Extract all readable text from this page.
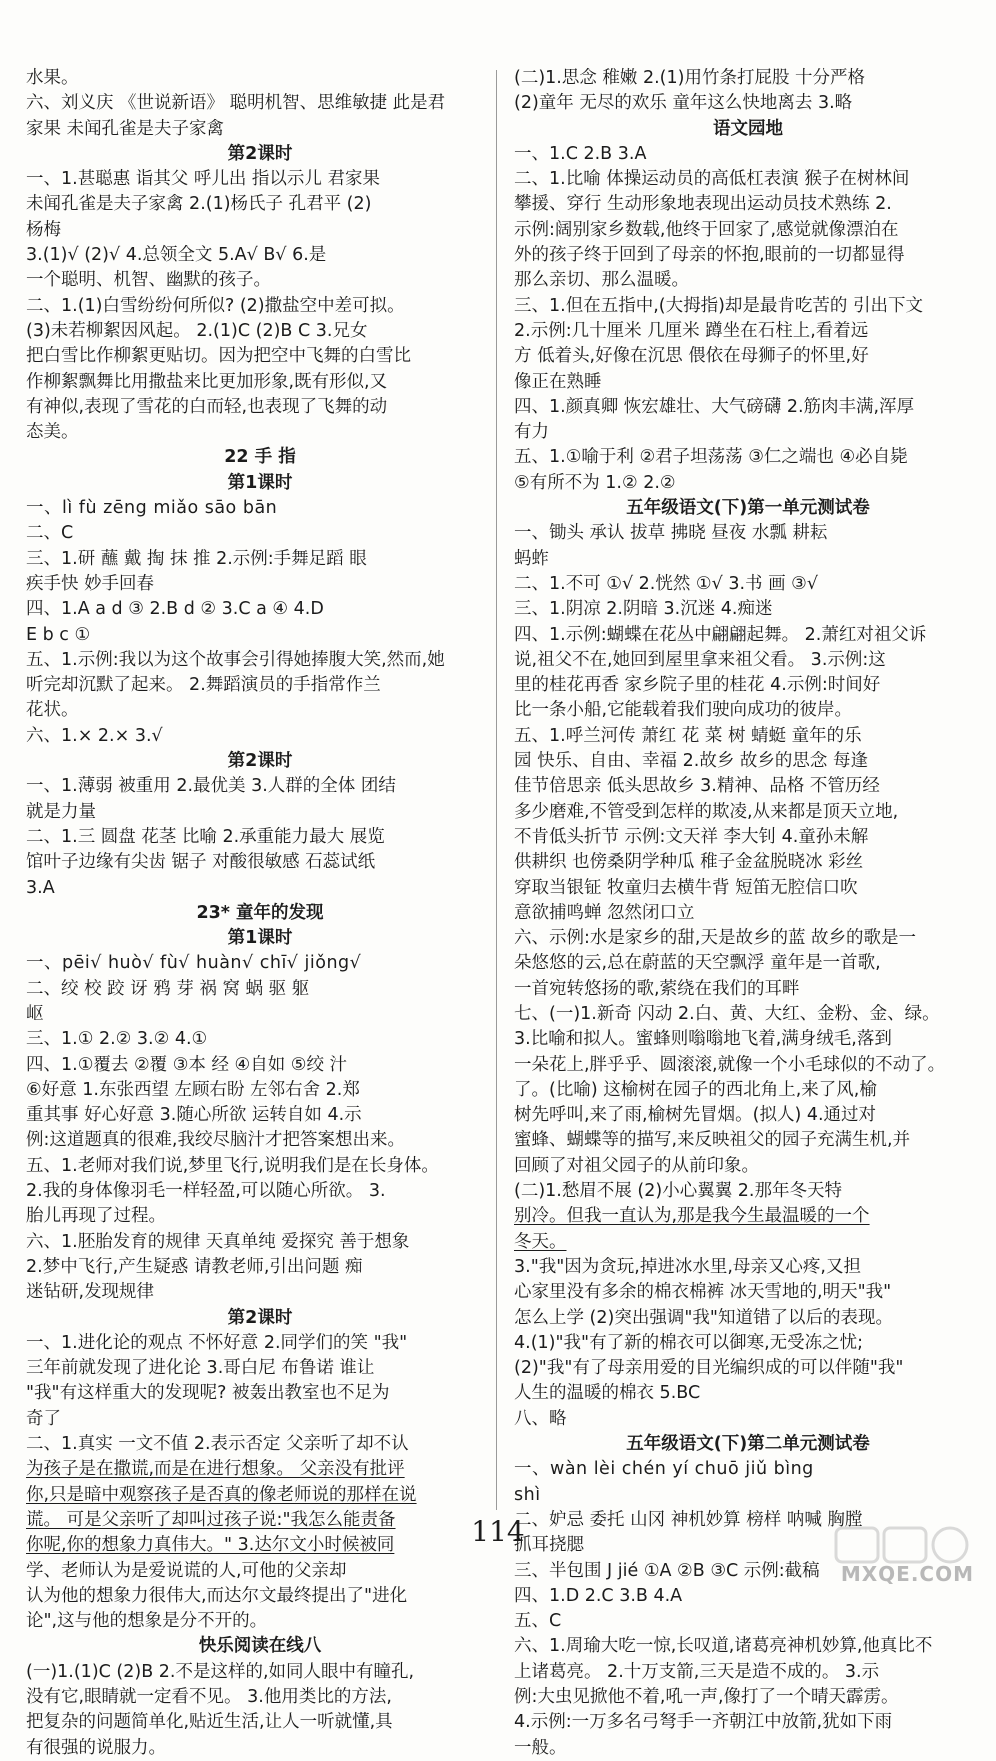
水果。
六、刘义庆 《世说新语》 聪明机智、思维敏捷 此是君
家果 未闻孔雀是夫子家禽
第2课时
一、1.甚聪惠 诣其父 呼儿出 指以示儿 君家果
未闻孔雀是夫子家禽 2.(1)杨氏子 孔君平 (2)
杨梅
3.(1)√ (2)√ 4.总领全文 5.A√ B√ 6.是
一个聪明、机智、幽默的孩子。
二、1.(1)白雪纷纷何所似? (2)撒盐空中差可拟。
(3)未若柳絮因风起。 2.(1)C (2)B C 3.兄女
把白雪比作柳絮更贴切。因为把空中飞舞的白雪比
作柳絮飘舞比用撒盐来比更加形象,既有形似,又
有神似,表现了雪花的白而轻,也表现了飞舞的动
态美。
22 手 指
第1课时
一、lì fù zēng miǎo sāo bān
二、C
三、1.研 蘸 戴 掏 抹 推 2.示例:手舞足蹈 眼
疾手快 妙手回春
四、1.A a d ③ 2.B d ② 3.C a ④ 4.D
E b c ①
五、1.示例:我以为这个故事会引得她捧腹大笑,然而,她
听完却沉默了起来。 2.舞蹈演员的手指常作兰
花状。
六、1.× 2.× 3.√
第2课时
一、1.薄弱 被重用 2.最优美 3.人群的全体 团结
就是力量
二、1.三 圆盘 花茎 比喻 2.承重能力最大 展览
馆叶子边缘有尖齿 锯子 对酸很敏感 石蕊试纸
3.A
23* 童年的发现
第1课时
一、pēi√ huò√ fù√ huàn√ chī√ jiǒng√
二、绞 校 跤 讶 鸦 芽 祸 窝 蜗 驱 躯
岖
三、1.① 2.② 3.② 4.①
四、1.①覆去 ②覆 ③本 经 ④自如 ⑤绞 汁
⑥好意 1.东张西望 左顾右盼 左邻右舍 2.郑
重其事 好心好意 3.随心所欲 运转自如 4.示
例:这道题真的很难,我绞尽脑汁才把答案想出来。
五、1.老师对我们说,梦里飞行,说明我们是在长身体。
2.我的身体像羽毛一样轻盈,可以随心所欲。 3.
胎儿再现了过程。
六、1.胚胎发育的规律 天真单纯 爱探究 善于想象
2.梦中飞行,产生疑惑 请教老师,引出问题 痴
迷钻研,发现规律
第2课时
一、1.进化论的观点 不怀好意 2.同学们的笑 "我"
三年前就发现了进化论 3.哥白尼 布鲁诺 谁让
"我"有这样重大的发现呢? 被轰出教室也不足为
奇了
二、1.真实 一文不值 2.表示否定 父亲听了却不认
为孩子是在撒谎,而是在进行想象。 父亲没有批评
你,只是暗中观察孩子是否真的像老师说的那样在说
谎。 可是父亲听了却叫过孩子说:"我怎么能责备
你呢,你的想象力真伟大。" 3.达尔文小时候被同
学、老师认为是爱说谎的人,可他的父亲却
认为他的想象力很伟大,而达尔文最终提出了"进化
论",这与他的想象是分不开的。
快乐阅读在线八
(一)1.(1)C (2)B 2.不是这样的,如同人眼中有瞳孔,
没有它,眼睛就一定看不见。 3.他用类比的方法,
把复杂的问题简单化,贴近生活,让人一听就懂,具
有很强的说服力。
(二)1.思念 稚嫩 2.(1)用竹条打屁股 十分严格
(2)童年 无尽的欢乐 童年这么快地离去 3.略
语文园地
一、1.C 2.B 3.A
二、1.比喻 体操运动员的高低杠表演 猴子在树林间
攀援、穿行 生动形象地表现出运动员技术熟练 2.
示例:阔别家乡数载,他终于回家了,感觉就像漂泊在
外的孩子终于回到了母亲的怀抱,眼前的一切都显得
那么亲切、那么温暖。
三、1.但在五指中,(大拇指)却是最肯吃苦的 引出下文
2.示例:几十厘米 几厘米 蹲坐在石柱上,看着远
方 低着头,好像在沉思 偎依在母狮子的怀里,好
像正在熟睡
四、1.颜真卿 恢宏雄壮、大气磅礴 2.筋肉丰满,浑厚
有力
五、1.①喻于利 ②君子坦荡荡 ③仁之端也 ④必自毙
⑤有所不为 1.② 2.②
五年级语文(下)第一单元测试卷
一、锄头 承认 拔草 拂晓 昼夜 水瓢 耕耘
蚂蚱
二、1.不可 ①√ 2.恍然 ①√ 3.书 画 ③√
三、1.阴凉 2.阴暗 3.沉迷 4.痴迷
四、1.示例:蝴蝶在花丛中翩翩起舞。 2.萧红对祖父诉
说,祖父不在,她回到屋里拿来祖父看。 3.示例:这
里的桂花再香 家乡院子里的桂花 4.示例:时间好
比一条小船,它能载着我们驶向成功的彼岸。
五、1.呼兰河传 萧红 花 菜 树 蜻蜓 童年的乐
园 快乐、自由、幸福 2.故乡 故乡的思念 每逢
佳节倍思亲 低头思故乡 3.精神、品格 不管历经
多少磨难,不管受到怎样的欺凌,从来都是顶天立地,
不肯低头折节 示例:文天祥 李大钊 4.童孙未解
供耕织 也傍桑阴学种瓜 稚子金盆脱晓冰 彩丝
穿取当银钲 牧童归去横牛背 短笛无腔信口吹
意欲捕鸣蝉 忽然闭口立
六、示例:水是家乡的甜,天是故乡的蓝 故乡的歌是一
朵悠悠的云,总在蔚蓝的天空飘浮 童年是一首歌,
一首宛转悠扬的歌,萦绕在我们的耳畔
七、(一)1.新奇 闪动 2.白、黄、大红、金粉、金、绿。
3.比喻和拟人。蜜蜂则嗡嗡地飞着,满身绒毛,落到
一朵花上,胖乎乎、圆滚滚,就像一个小毛球似的不动了。
了。(比喻) 这榆树在园子的西北角上,来了风,榆
树先呼叫,来了雨,榆树先冒烟。(拟人) 4.通过对
蜜蜂、蝴蝶等的描写,来反映祖父的园子充满生机,并
回顾了对祖父园子的从前印象。
(二)1.愁眉不展 (2)小心翼翼 2.那年冬天特
别冷。但我一直认为,那是我今生最温暖的一个
冬天。
3."我"因为贪玩,掉进冰水里,母亲又心疼,又担
心家里没有多余的棉衣棉裤 冰天雪地的,明天"我"
怎么上学 (2)突出强调"我"知道错了以后的表现。
4.(1)"我"有了新的棉衣可以御寒,无受冻之忧;
(2)"我"有了母亲用爱的目光编织成的可以伴随"我"
人生的温暖的棉衣 5.BC
八、略
五年级语文(下)第二单元测试卷
一、wàn lèi chén yí chuō jiǔ bìng
shì
二、妒忌 委托 山冈 神机妙算 榜样 呐喊 胸膛
抓耳挠腮
三、半包围 J jié ①A ②B ③C 示例:截稿
四、1.D 2.C 3.B 4.A
五、C
六、1.周瑜大吃一惊,长叹道,诸葛亮神机妙算,他真比不
上诸葛亮。 2.十万支箭,三天是造不成的。 3.示
例:大虫见掀他不着,吼一声,像打了一个晴天霹雳。
4.示例:一万多名弓弩手一齐朝江中放箭,犹如下雨
一般。
114
MXQE.COM
